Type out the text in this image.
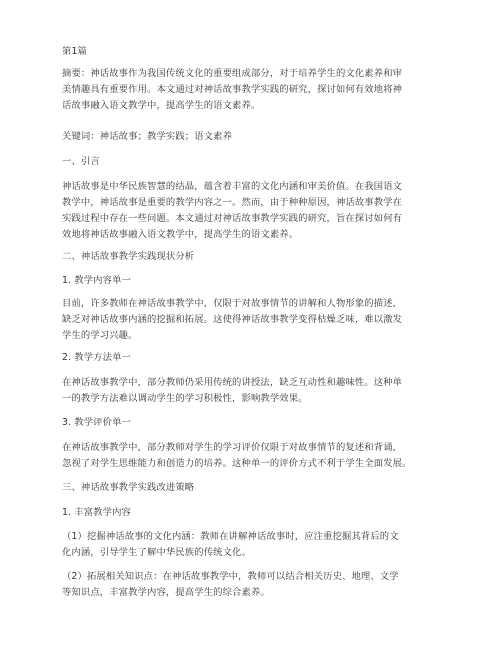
第1篇
摘要：神话故事作为我国传统文化的重要组成部分，对于培养学生的文化素养和审
美情趣具有重要作用。本文通过对神话故事教学实践的研究，探讨如何有效地将神
话故事融入语文教学中，提高学生的语文素养。
关键词：神话故事；教学实践；语文素养
一、引言
神话故事是中华民族智慧的结晶，蕴含着丰富的文化内涵和审美价值。在我国语文
教学中，神话故事是重要的教学内容之一。然而，由于种种原因，神话故事教学在
实践过程中存在一些问题。本文通过对神话故事教学实践的研究，旨在探讨如何有
效地将神话故事融入语文教学中，提高学生的语文素养。
二、神话故事教学实践现状分析
1. 教学内容单一
目前，许多教师在神话故事教学中，仅限于对故事情节的讲解和人物形象的描述，
缺乏对神话故事内涵的挖掘和拓展。这使得神话故事教学变得枯燥乏味，难以激发
学生的学习兴趣。
2. 教学方法单一
在神话故事教学中，部分教师仍采用传统的讲授法，缺乏互动性和趣味性。这种单
一的教学方法难以调动学生的学习积极性，影响教学效果。
3. 教学评价单一
在神话故事教学中，部分教师对学生的学习评价仅限于对故事情节的复述和背诵，
忽视了对学生思维能力和创造力的培养。这种单一的评价方式不利于学生全面发展。
三、神话故事教学实践改进策略
1. 丰富教学内容
（1）挖掘神话故事的文化内涵：教师在讲解神话故事时，应注重挖掘其背后的文
化内涵，引导学生了解中华民族的传统文化。
（2）拓展相关知识点：在神话故事教学中，教师可以结合相关历史、地理、文学
等知识点，丰富教学内容，提高学生的综合素养。
